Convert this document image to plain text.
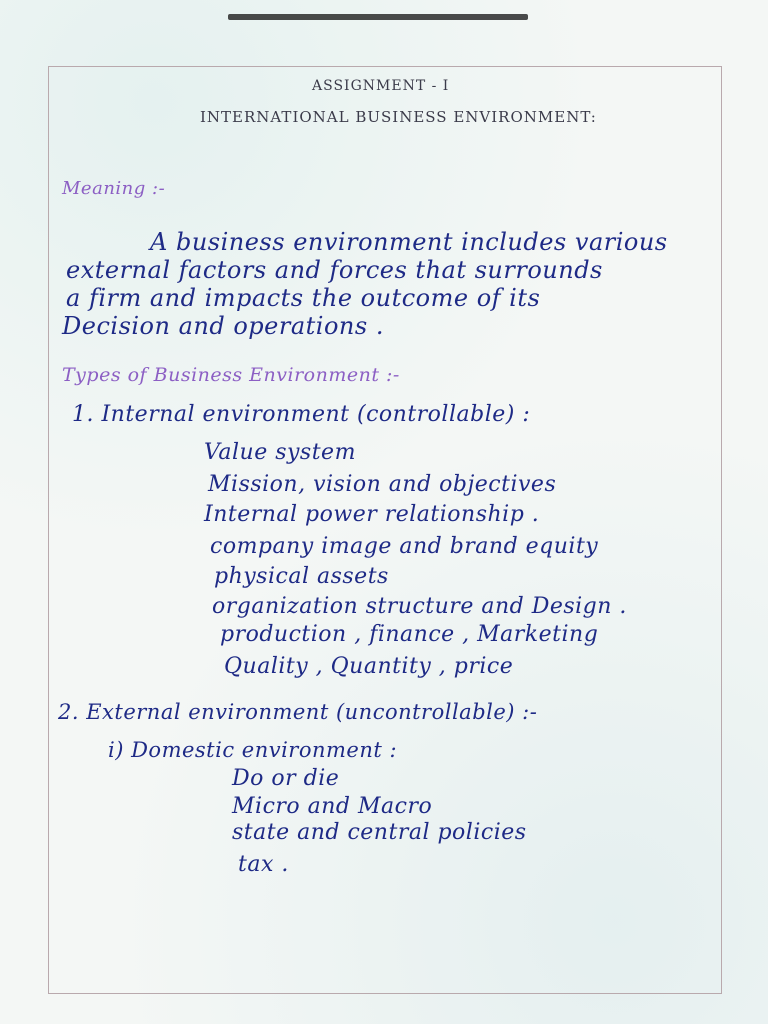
ASSIGNMENT - I
INTERNATIONAL BUSINESS ENVIRONMENT:
Meaning :-
A business environment includes various
external factors and forces that surrounds
a firm and impacts the outcome of its
Decision and operations .
Types of Business Environment :-
1. Internal environment (controllable) :
Value system
Mission, vision and objectives
Internal power relationship .
company image and brand equity
physical assets
organization structure and Design .
production , finance , Marketing
Quality , Quantity , price
2. External environment (uncontrollable) :-
i) Domestic environment :
Do or die
Micro and Macro
state and central policies
tax .
